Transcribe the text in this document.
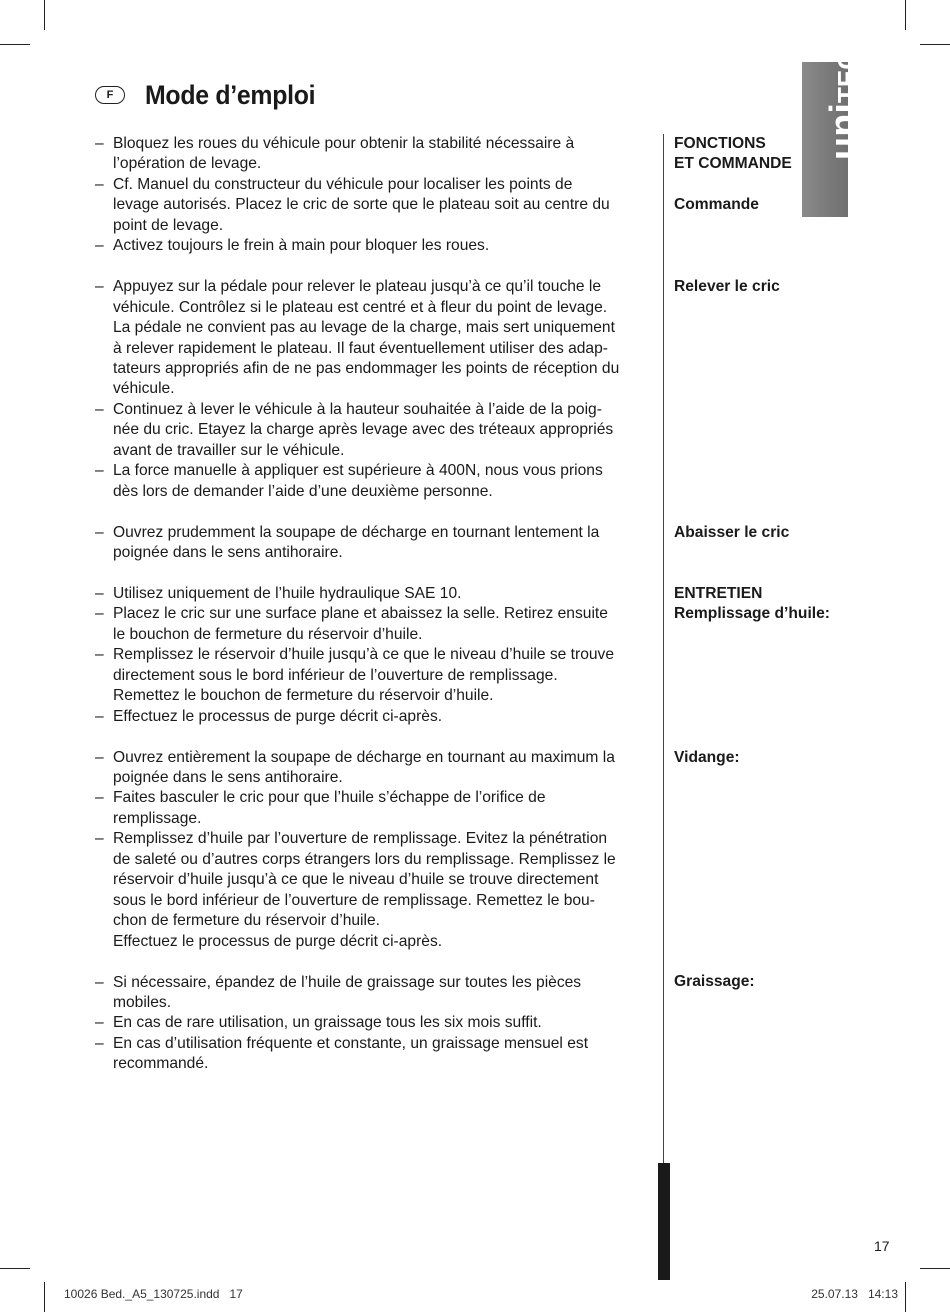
uniTEC
F	Mode d’emploi
– Bloquez les roues du véhicule pour obtenir la stabilité nécessaire à
l’opération de levage.
– Cf. Manuel du constructeur du véhicule pour localiser les points de
levage autorisés. Placez le cric de sorte que le plateau soit au centre du
point de levage.
– Activez toujours le frein à main pour bloquer les roues.
– Appuyez sur la pédale pour relever le plateau jusqu’à ce qu’il touche le
véhicule. Contrôlez si le plateau est centré et à fleur du point de levage.
La pédale ne convient pas au levage de la charge, mais sert uniquement
à relever rapidement le plateau. Il faut éventuellement utiliser des adap-
tateurs appropriés afin de ne pas endommager les points de réception du
véhicule.
– Continuez à lever le véhicule à la hauteur souhaitée à l’aide de la poig-
née du cric. Etayez la charge après levage avec des tréteaux appropriés
avant de travailler sur le véhicule.
– La force manuelle à appliquer est supérieure à 400N, nous vous prions
dès lors de demander l’aide d’une deuxième personne.
– Ouvrez prudemment la soupape de décharge en tournant lentement la
poignée dans le sens antihoraire.
– Utilisez uniquement de l’huile hydraulique SAE 10.
– Placez le cric sur une surface plane et abaissez la selle. Retirez ensuite
le bouchon de fermeture du réservoir d’huile.
– Remplissez le réservoir d’huile jusqu’à ce que le niveau d’huile se trouve
directement sous le bord inférieur de l’ouverture de remplissage.
Remettez le bouchon de fermeture du réservoir d’huile.
– Effectuez le processus de purge décrit ci-après.
– Ouvrez entièrement la soupape de décharge en tournant au maximum la
poignée dans le sens antihoraire.
– Faites basculer le cric pour que l’huile s’échappe de l’orifice de
remplissage.
– Remplissez d’huile par l’ouverture de remplissage. Evitez la pénétration
de saleté ou d’autres corps étrangers lors du remplissage. Remplissez le
réservoir d’huile jusqu’à ce que le niveau d’huile se trouve directement
sous le bord inférieur de l’ouverture de remplissage. Remettez le bou-
chon de fermeture du réservoir d’huile.
Effectuez le processus de purge décrit ci-après.
– Si nécessaire, épandez de l’huile de graissage sur toutes les pièces
mobiles.
– En cas de rare utilisation, un graissage tous les six mois suffit.
– En cas d’utilisation fréquente et constante, un graissage mensuel est
recommandé.
FONCTIONS
ET COMMANDE
Commande
Relever le cric
Abaisser le cric
ENTRETIEN
Remplissage d’huile:
Vidange:
Graissage:
17
10026 Bed._A5_130725.indd   17	25.07.13   14:13
